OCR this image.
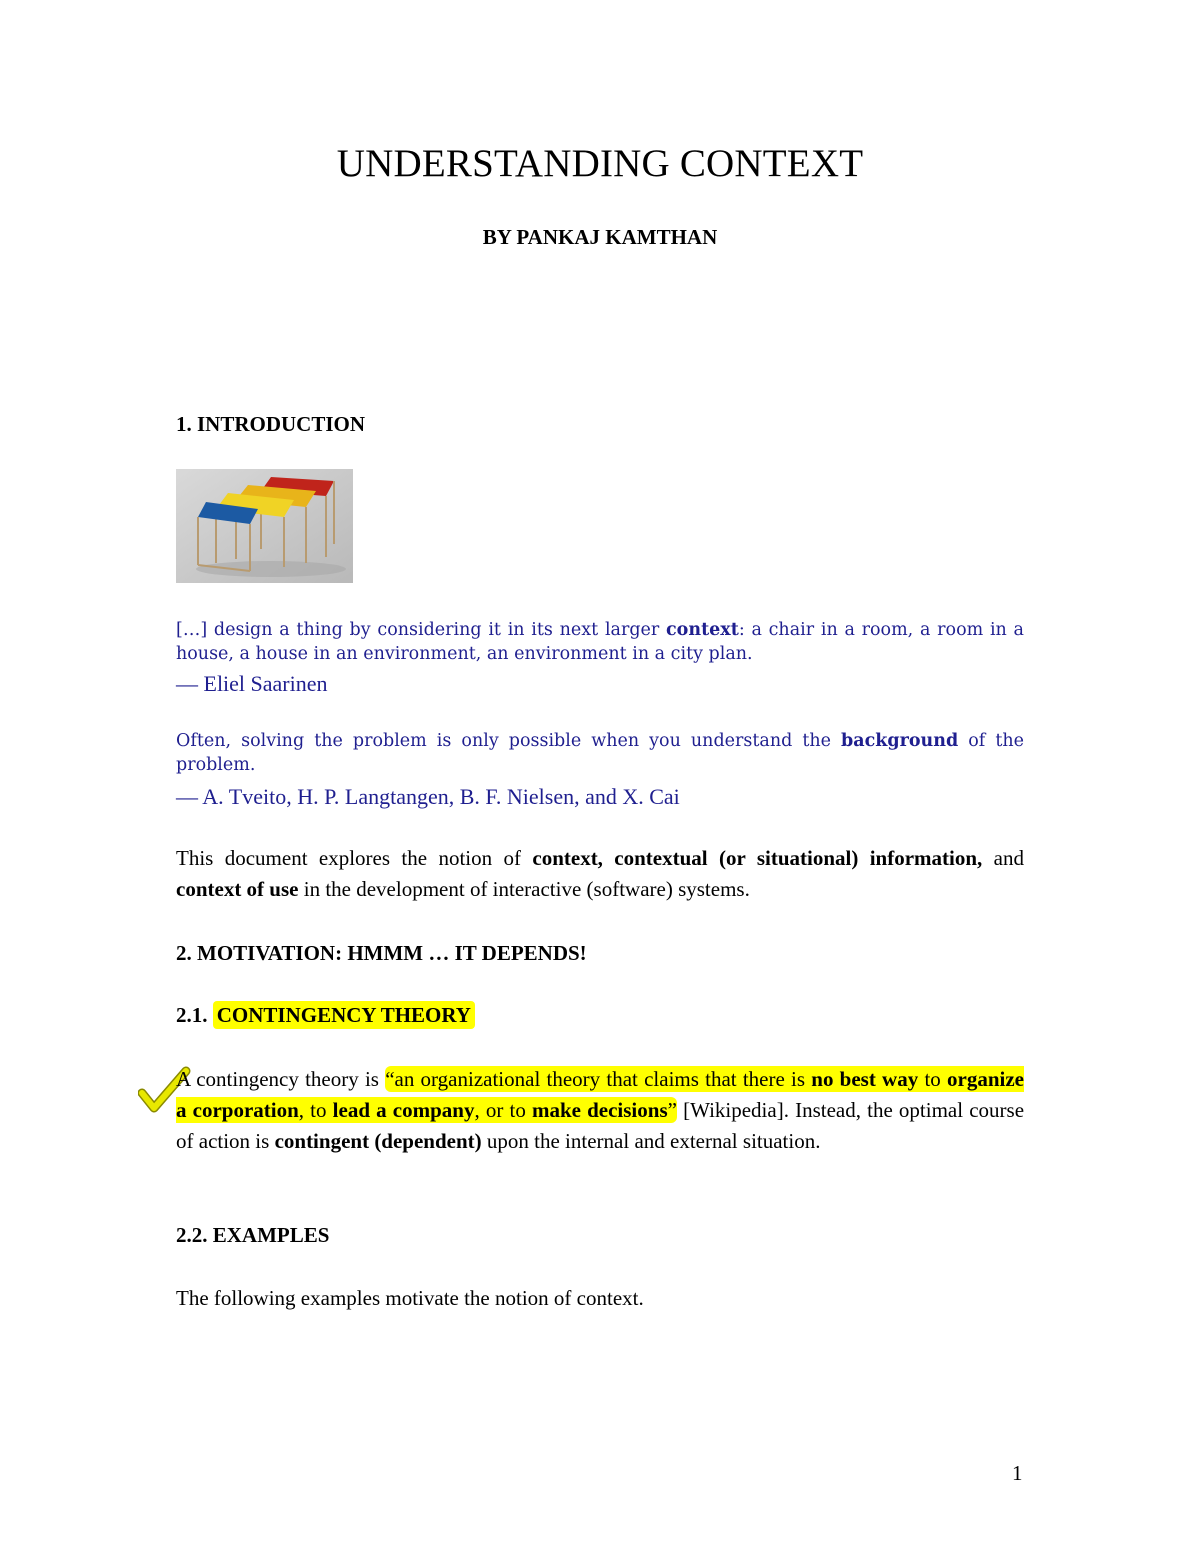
UNDERSTANDING CONTEXT
BY PANKAJ KAMTHAN
1. INTRODUCTION
[…] design a thing by considering it in its next larger context: a chair in a room, a room in a house, a house in an environment, an environment in a city plan.
— Eliel Saarinen
Often, solving the problem is only possible when you understand the background of the problem.
— A. Tveito, H. P. Langtangen, B. F. Nielsen, and X. Cai
This document explores the notion of context, contextual (or situational) information, and context of use in the development of interactive (software) systems.
2. MOTIVATION: HMMM … IT DEPENDS!
2.1. CONTINGENCY THEORY
A contingency theory is “an organizational theory that claims that there is no best way to organize a corporation, to lead a company, or to make decisions” [Wikipedia]. Instead, the optimal course of action is contingent (dependent) upon the internal and external situation.
2.2. EXAMPLES
The following examples motivate the notion of context.
1
